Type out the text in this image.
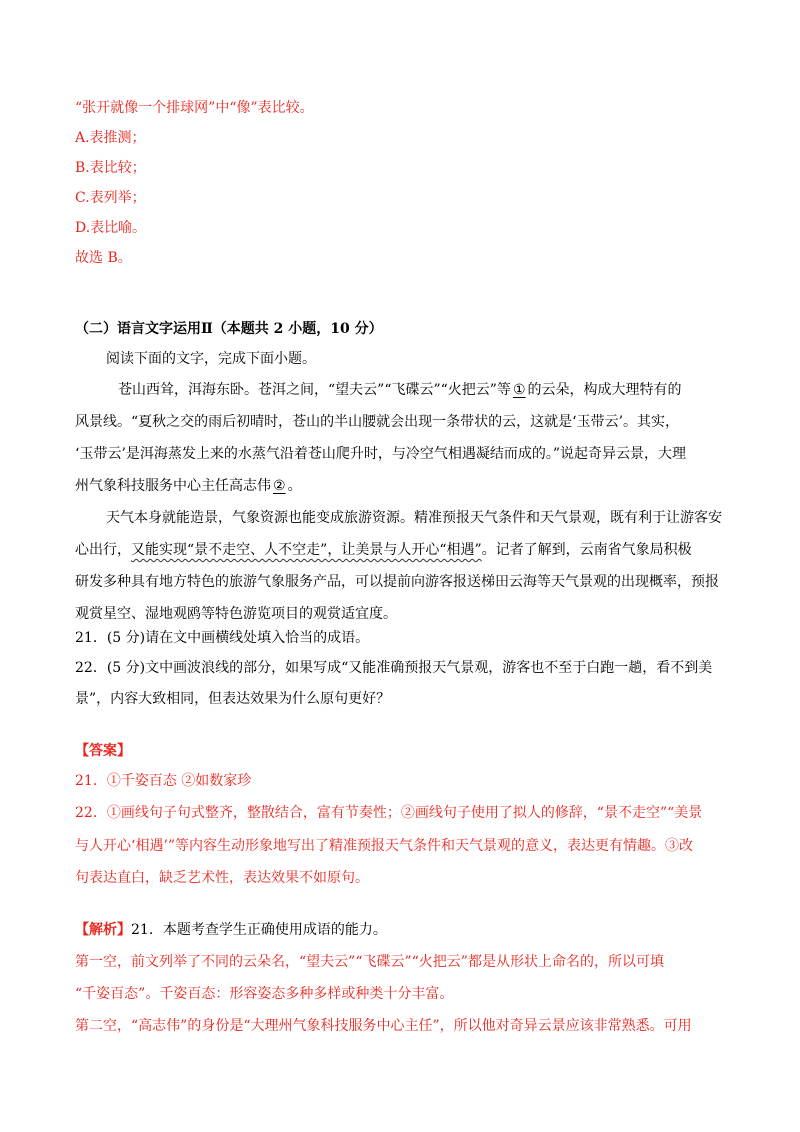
“张开就像一个排球网”中“像”表比较。
A.表推测；
B.表比较；
C.表列举；
D.表比喻。
故选 B。
（二）语言文字运用Ⅱ（本题共 2 小题，10 分）
阅读下面的文字，完成下面小题。
苍山西耸，洱海东卧。苍洱之间，“望夫云”“飞碟云”“火把云”等 ① 的云朵，构成大理特有的
风景线。“夏秋之交的雨后初晴时，苍山的半山腰就会出现一条带状的云，这就是‘玉带云’。其实，
‘玉带云’是洱海蒸发上来的水蒸气沿着苍山爬升时，与冷空气相遇凝结而成的。”说起奇异云景，大理
州气象科技服务中心主任高志伟 ② 。
天气本身就能造景，气象资源也能变成旅游资源。精准预报天气条件和天气景观，既有利于让游客安
心出行，又能实现“景不走空、人不空走”，让美景与人开心“相遇”。记者了解到，云南省气象局积极
研发多种具有地方特色的旅游气象服务产品，可以提前向游客报送梯田云海等天气景观的出现概率，预报
观赏星空、湿地观鸥等特色游览项目的观赏适宜度。
21．(5 分)请在文中画横线处填入恰当的成语。
22．(5 分)文中画波浪线的部分，如果写成“又能准确预报天气景观，游客也不至于白跑一趟，看不到美
景”，内容大致相同，但表达效果为什么原句更好？
【答案】
21．①千姿百态 ②如数家珍
22．①画线句子句式整齐，整散结合，富有节奏性；②画线句子使用了拟人的修辞，“景不走空”“美景
与人开心‘相遇’”等内容生动形象地写出了精准预报天气条件和天气景观的意义，表达更有情趣。③改
句表达直白，缺乏艺术性，表达效果不如原句。
【解析】21．本题考查学生正确使用成语的能力。
第一空，前文列举了不同的云朵名，“望夫云”“飞碟云”“火把云”都是从形状上命名的，所以可填
“千姿百态”。千姿百态：形容姿态多种多样或种类十分丰富。
第二空，“高志伟”的身份是“大理州气象科技服务中心主任”，所以他对奇异云景应该非常熟悉。可用
